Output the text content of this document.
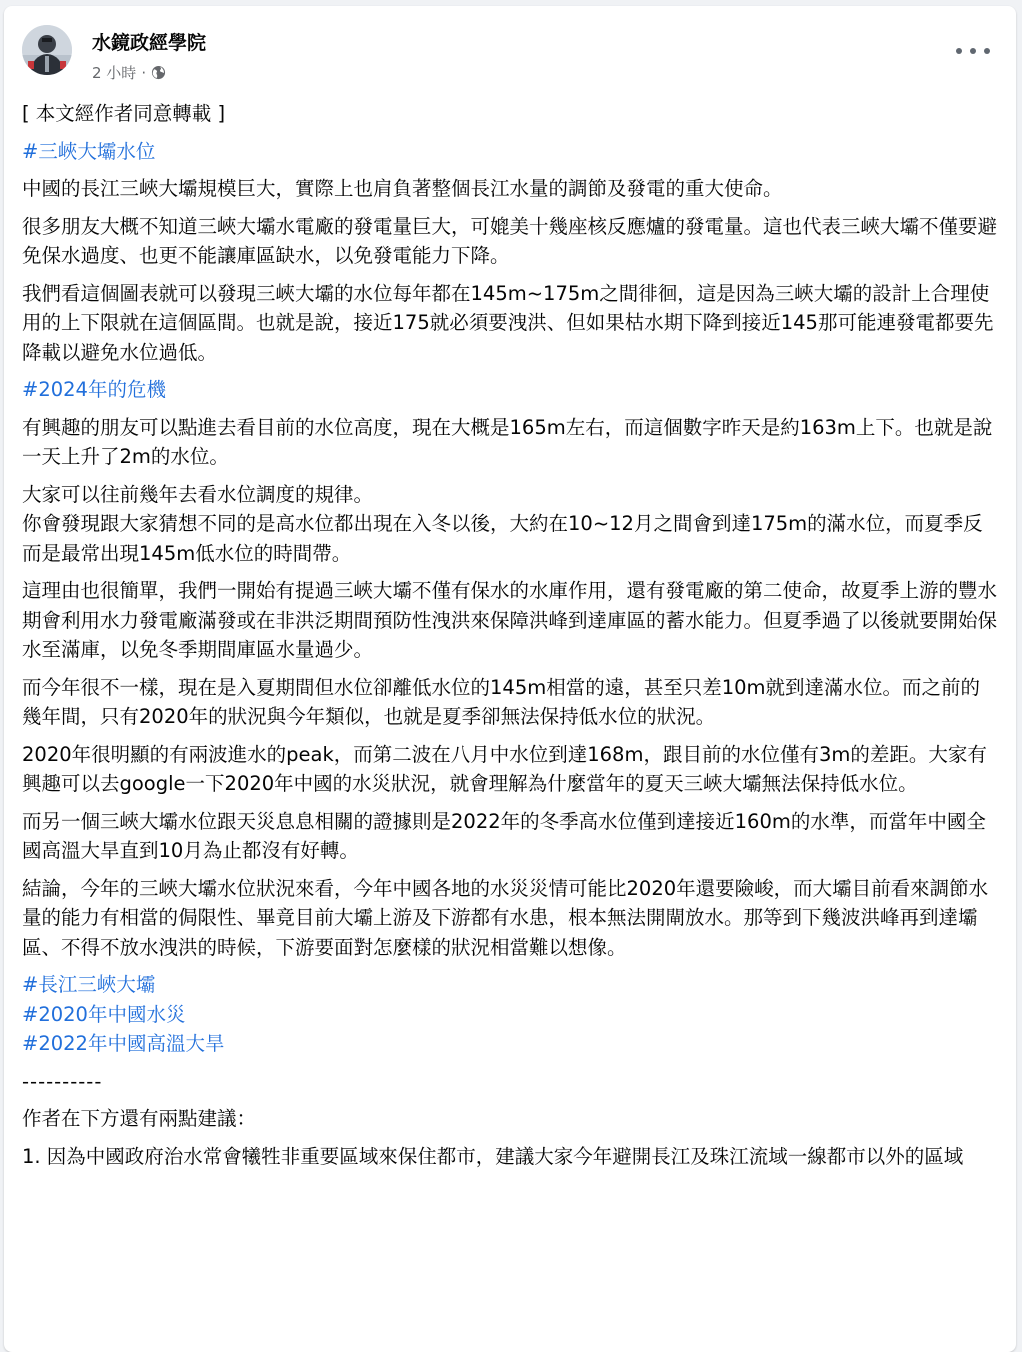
水鏡政經學院
2 小時 ·

[ 本文經作者同意轉載 ]

#三峽大壩水位

中國的長江三峽大壩規模巨大，實際上也肩負著整個長江水量的調節及發電的重大使命。

很多朋友大概不知道三峽大壩水電廠的發電量巨大，可媲美十幾座核反應爐的發電量。這也代表三峽大壩不僅要避免保水過度、也更不能讓庫區缺水，以免發電能力下降。

我們看這個圖表就可以發現三峽大壩的水位每年都在145m~175m之間徘徊，這是因為三峽大壩的設計上合理使用的上下限就在這個區間。也就是說，接近175就必須要洩洪、但如果枯水期下降到接近145那可能連發電都要先降載以避免水位過低。

#2024年的危機

有興趣的朋友可以點進去看目前的水位高度，現在大概是165m左右，而這個數字昨天是約163m上下。也就是說一天上升了2m的水位。

大家可以往前幾年去看水位調度的規律。
你會發現跟大家猜想不同的是高水位都出現在入冬以後，大約在10~12月之間會到達175m的滿水位，而夏季反而是最常出現145m低水位的時間帶。

這理由也很簡單，我們一開始有提過三峽大壩不僅有保水的水庫作用，還有發電廠的第二使命，故夏季上游的豐水期會利用水力發電廠滿發或在非洪泛期間預防性洩洪來保障洪峰到達庫區的蓄水能力。但夏季過了以後就要開始保水至滿庫，以免冬季期間庫區水量過少。

而今年很不一樣，現在是入夏期間但水位卻離低水位的145m相當的遠，甚至只差10m就到達滿水位。而之前的幾年間，只有2020年的狀況與今年類似，也就是夏季卻無法保持低水位的狀況。

2020年很明顯的有兩波進水的peak，而第二波在八月中水位到達168m，跟目前的水位僅有3m的差距。大家有興趣可以去google一下2020年中國的水災狀況，就會理解為什麼當年的夏天三峽大壩無法保持低水位。

而另一個三峽大壩水位跟天災息息相關的證據則是2022年的冬季高水位僅到達接近160m的水準，而當年中國全國高溫大旱直到10月為止都沒有好轉。

結論，今年的三峽大壩水位狀況來看，今年中國各地的水災災情可能比2020年還要險峻，而大壩目前看來調節水量的能力有相當的侷限性、畢竟目前大壩上游及下游都有水患，根本無法開閘放水。那等到下幾波洪峰再到達壩區、不得不放水洩洪的時候，下游要面對怎麼樣的狀況相當難以想像。

#長江三峽大壩
#2020年中國水災
#2022年中國高溫大旱

----------

作者在下方還有兩點建議：

1. 因為中國政府治水常會犧牲非重要區域來保住都市，建議大家今年避開長江及珠江流域一線都市以外的區域
